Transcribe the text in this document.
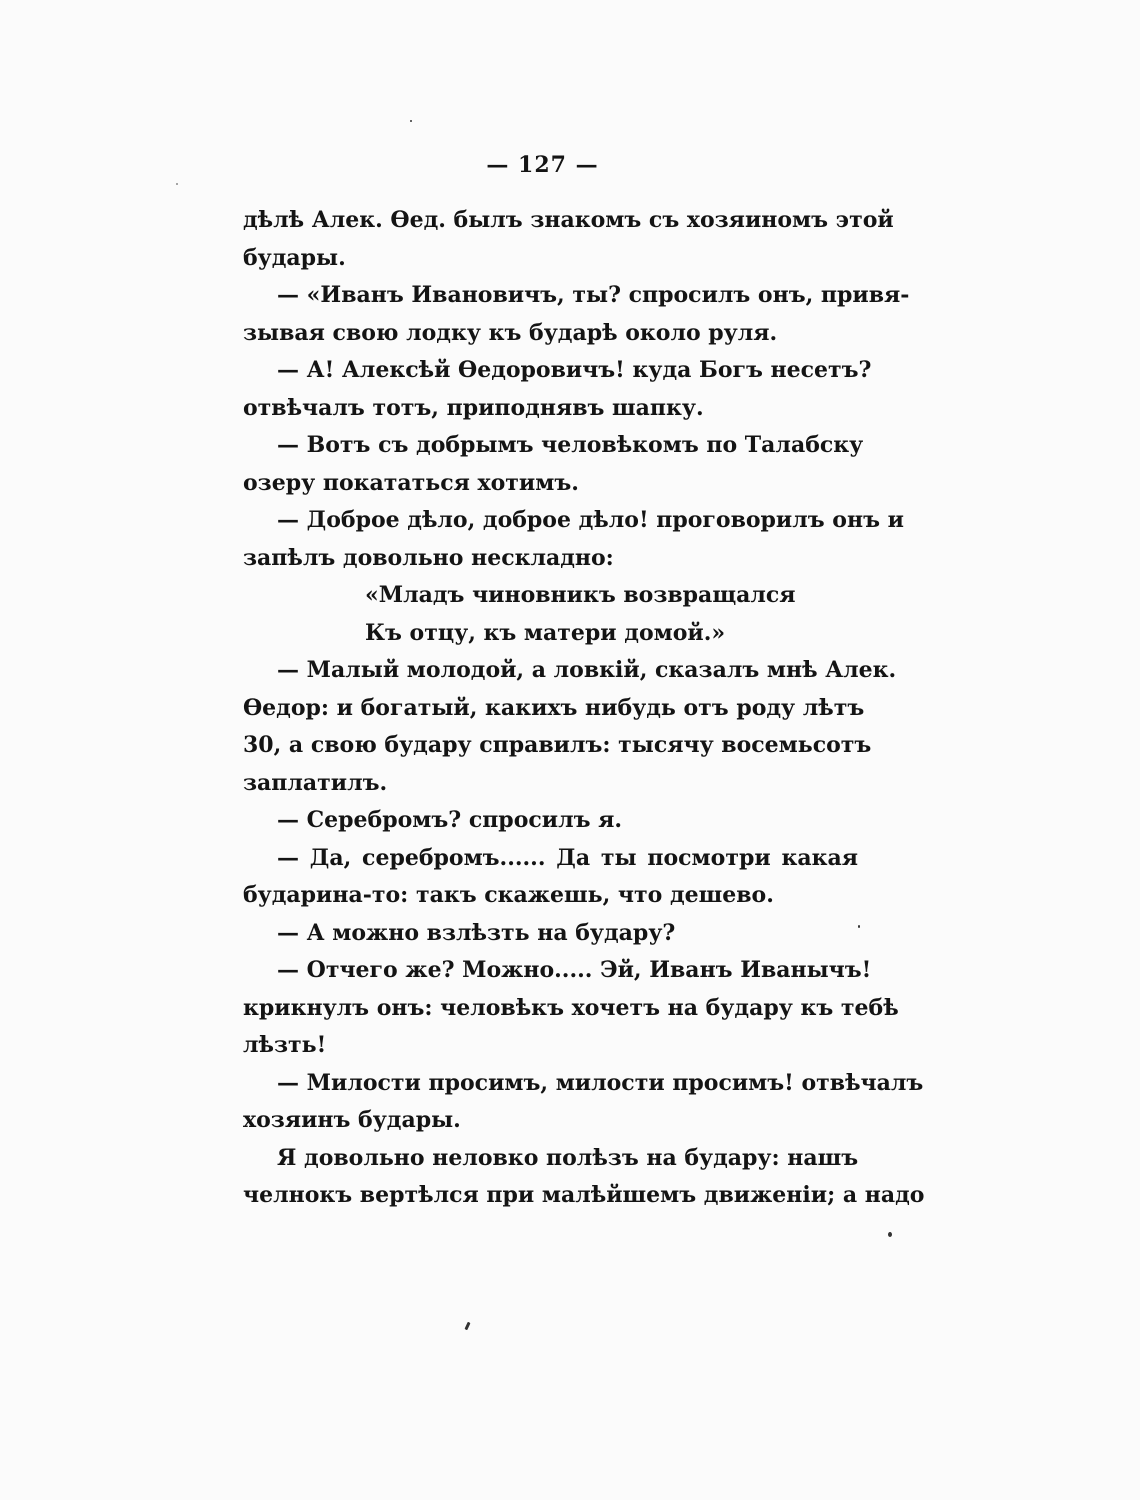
— 127 —
дѣлѣ Алек. Ѳед. былъ знакомъ съ хозяиномъ этой
будары.
— «Иванъ Ивановичъ, ты? спросилъ онъ, привя-
зывая свою лодку къ бударѣ около руля.
— А! Алексѣй Ѳедоровичъ! куда Богъ несетъ?
отвѣчалъ тотъ, приподнявъ шапку.
— Вотъ съ добрымъ человѣкомъ по Талабску
озеру покататься хотимъ.
— Доброе дѣло, доброе дѣло! проговорилъ онъ и
запѣлъ довольно нескладно:
«Младъ чиновникъ возвращался
Къ отцу, къ матери домой.»
— Малый молодой, а ловкій, сказалъ мнѣ Алек.
Ѳедор: и богатый, какихъ нибудь отъ роду лѣтъ
30, а свою будару справилъ: тысячу восемьсотъ
заплатилъ.
— Серебромъ? спросилъ я.
— Да, серебромъ...... Да ты посмотри какая
бударина-то: такъ скажешь, что дешево.
— А можно взлѣзть на будару?
— Отчего же? Можно..... Эй, Иванъ Иванычъ!
крикнулъ онъ: человѣкъ хочетъ на будару къ тебѣ
лѣзть!
— Милости просимъ, милости просимъ! отвѣчалъ
хозяинъ будары.
Я довольно неловко полѣзъ на будару: нашъ
челнокъ вертѣлся при малѣйшемъ движеніи; а надо
